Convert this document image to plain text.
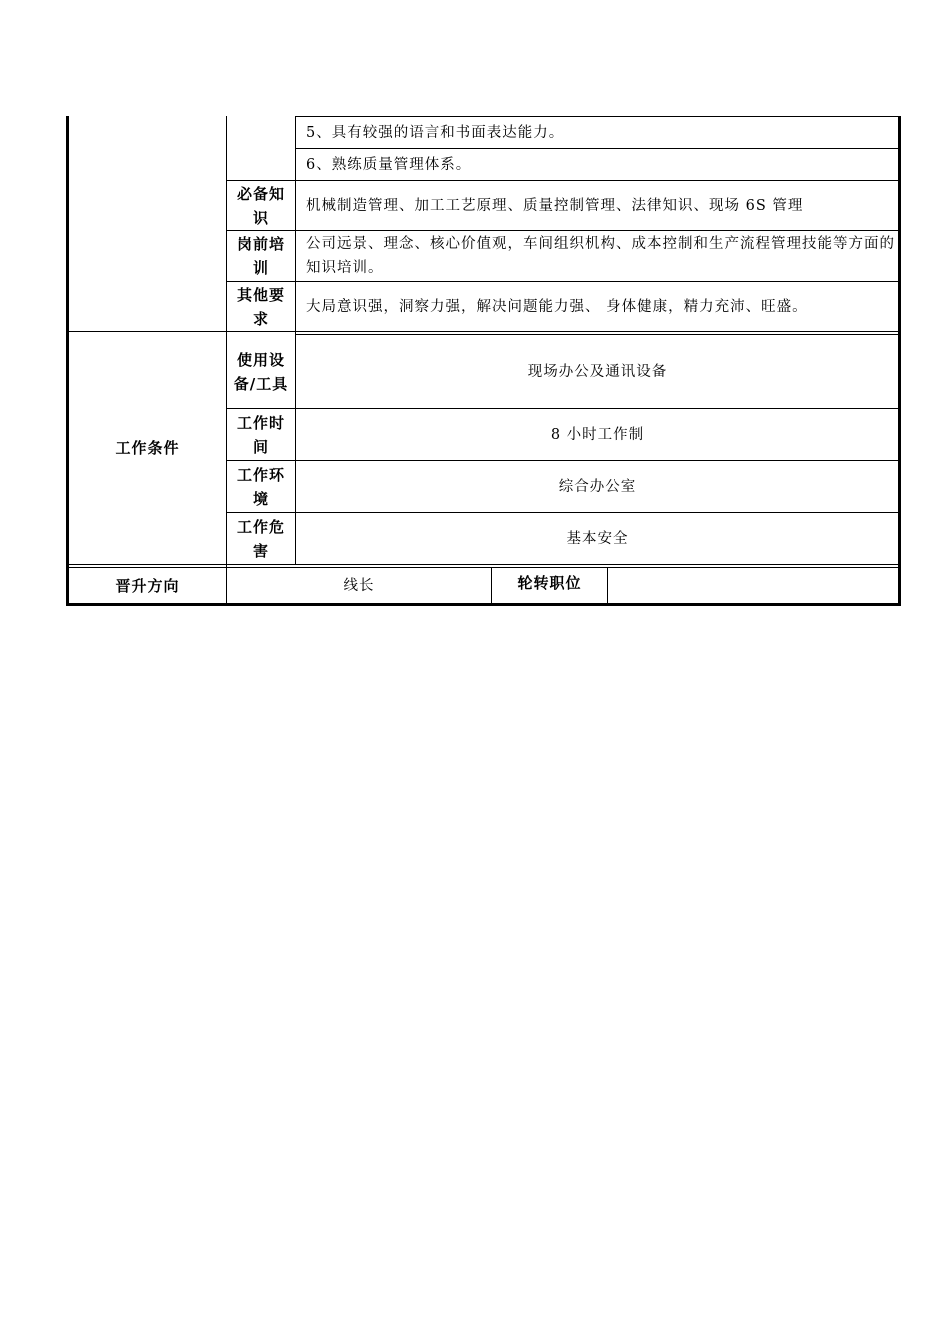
5、具有较强的语言和书面表达能力。
6、熟练质量管理体系。
必备知识
机械制造管理、加工工艺原理、质量控制管理、法律知识、现场 6S 管理
岗前培训
公司远景、理念、核心价值观，车间组织机构、成本控制和生产流程管理技能等方面的知识培训。
其他要求
大局意识强，洞察力强，解决问题能力强、 身体健康，精力充沛、旺盛。
工作条件
使用设备/工具
现场办公及通讯设备
工作时间
8 小时工作制
工作环境
综合办公室
工作危害
基本安全
晋升方向	线长	轮转职位
